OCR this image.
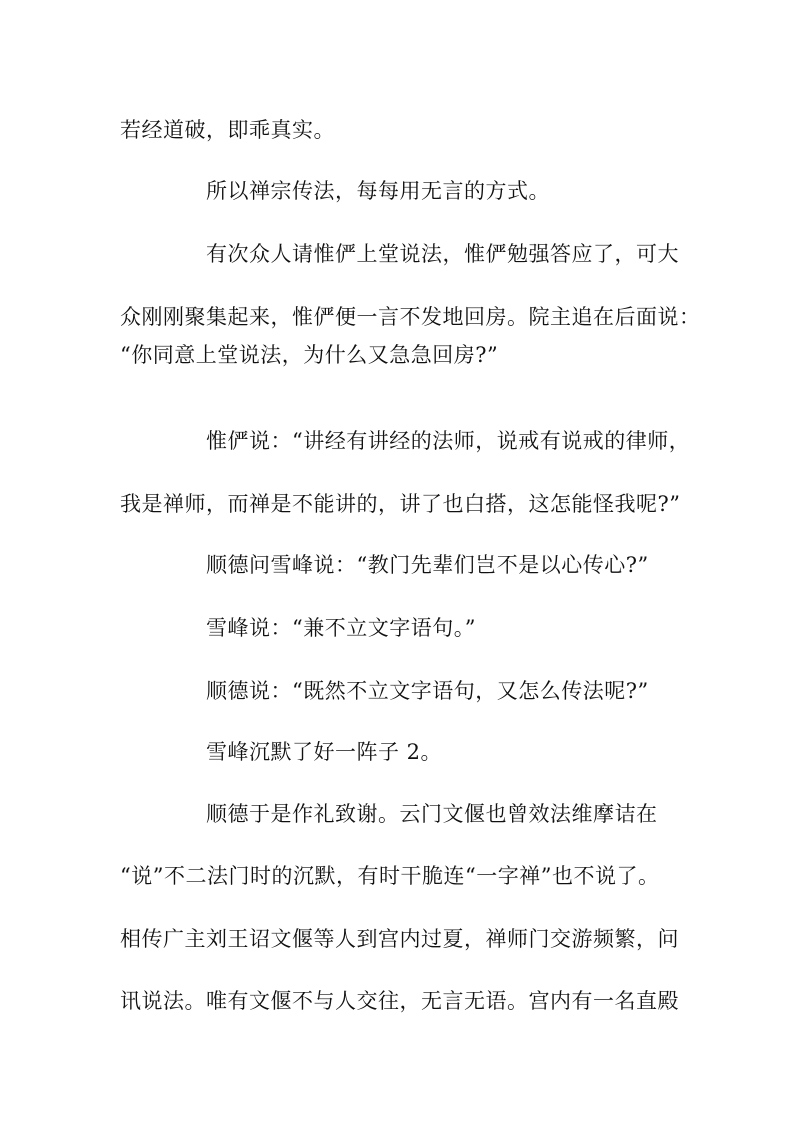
若经道破，即乖真实。
所以禅宗传法，每每用无言的方式。
有次众人请惟俨上堂说法，惟俨勉强答应了，可大
众刚刚聚集起来，惟俨便一言不发地回房。院主追在后面说：
“你同意上堂说法，为什么又急急回房?”
惟俨说：“讲经有讲经的法师，说戒有说戒的律师，
我是禅师，而禅是不能讲的，讲了也白搭，这怎能怪我呢?”
顺德问雪峰说：“教门先辈们岂不是以心传心?”
雪峰说：“兼不立文字语句。”
顺德说：“既然不立文字语句，又怎么传法呢?”
雪峰沉默了好一阵子 2。
顺德于是作礼致谢。云门文偃也曾效法维摩诘在
“说”不二法门时的沉默，有时干脆连“一字禅”也不说了。
相传广主刘王诏文偃等人到宫内过夏，禅师门交游频繁，问
讯说法。唯有文偃不与人交往，无言无语。宫内有一名直殿
